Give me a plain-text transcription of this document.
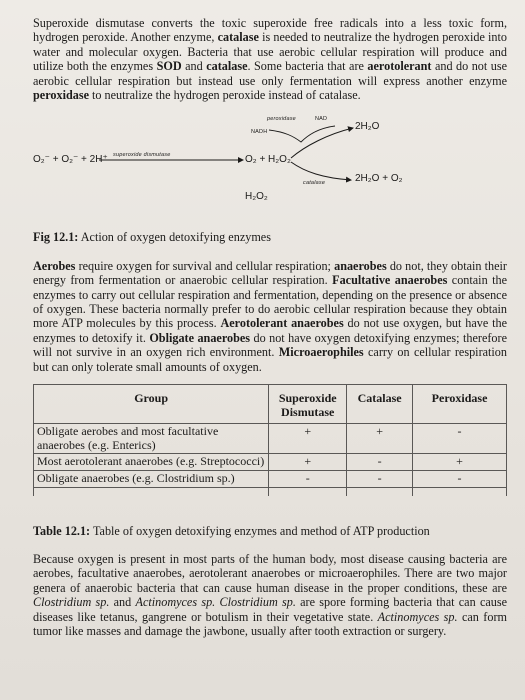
Superoxide dismutase converts the toxic superoxide free radicals into a less toxic form, hydrogen peroxide. Another enzyme, catalase is needed to neutralize the hydrogen peroxide into water and molecular oxygen. Bacteria that use aerobic cellular respiration will produce and utilize both the enzymes SOD and catalase. Some bacteria that are aerotolerant and do not use aerobic cellular respiration but instead use only fermentation will express another enzyme peroxidase to neutralize the hydrogen peroxide instead of catalase.

peroxidase	NAD
NADH	2H₂O
superoxide dismutase
O₂⁻ + O₂⁻ + 2H⁺	O₂ + H₂O₂
catalase	2H₂O + O₂
H₂O₂

Fig 12.1: Action of oxygen detoxifying enzymes

Aerobes require oxygen for survival and cellular respiration; anaerobes do not, they obtain their energy from fermentation or anaerobic cellular respiration. Facultative anaerobes contain the enzymes to carry out cellular respiration and fermentation, depending on the presence or absence of oxygen. These bacteria normally prefer to do aerobic cellular respiration because they obtain more ATP molecules by this process. Aerotolerant anaerobes do not use oxygen, but have the enzymes to detoxify it. Obligate anaerobes do not have oxygen detoxifying enzymes; therefore will not survive in an oxygen rich environment. Microaerophiles carry on cellular respiration but can only tolerate small amounts of oxygen.

Group	Superoxide Dismutase	Catalase	Peroxidase
Obligate aerobes and most facultative anaerobes (e.g. Enterics)	+	+	-
Most aerotolerant anaerobes (e.g. Streptococci)	+	-	+
Obligate anaerobes (e.g. Clostridium sp.)	-	-	-

Table 12.1: Table of oxygen detoxifying enzymes and method of ATP production

Because oxygen is present in most parts of the human body, most disease causing bacteria are aerobes, facultative anaerobes, aerotolerant anaerobes or microaerophiles. There are two major genera of anaerobic bacteria that can cause human disease in the proper conditions, these are Clostridium sp. and Actinomyces sp. Clostridium sp. are spore forming bacteria that can cause diseases like tetanus, gangrene or botulism in their vegetative state. Actinomyces sp. can form tumor like masses and damage the jawbone, usually after tooth extraction or surgery.
